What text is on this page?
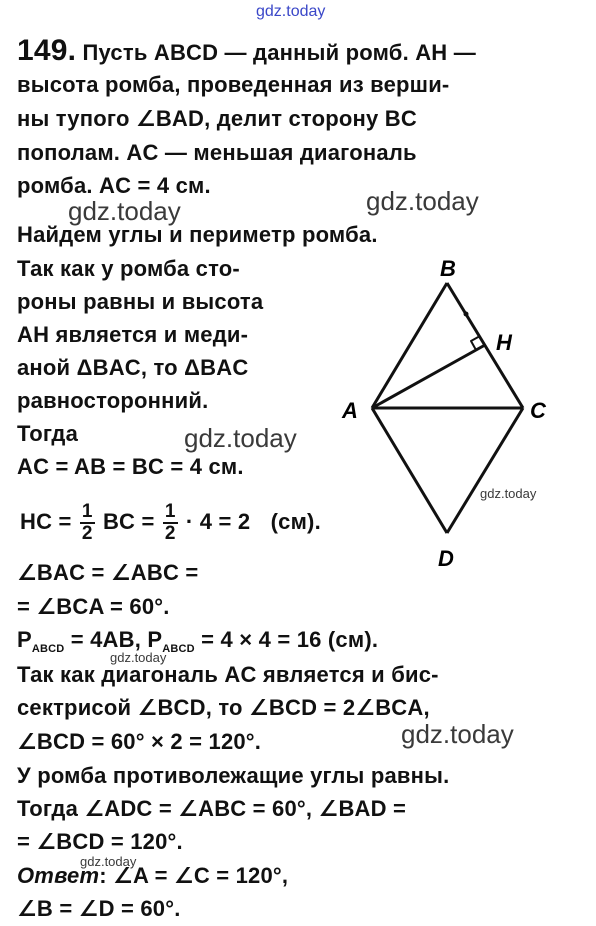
gdz.today
gdz.today	gdz.today
gdz.today
gdz.today
gdz.today
gdz.today
gdz.today
149. Пусть ABCD — данный ромб. AH —
высота ромба, проведенная из верши-
ны тупого ∠BAD, делит сторону BC
пополам. AC — меньшая диагональ
ромба. AC = 4 см.
Найдем углы и периметр ромба.
Так как у ромба сто-
роны равны и высота
AH является и меди-
аной ΔBAC, то ΔBAC
равносторонний.
Тогда
AC = AB = BC = 4 см.
HC = $\frac{1}{2}$ BC = $\frac{1}{2} \cdot 4 = 2$ (см).
∠BAC = ∠ABC =
= ∠BCA = 60°.
$P_{ABCD} = 4AB$, $P_{ABCD} = 4 \times 4 = 16$ (см).
Так как диагональ AC является и бис-
сектрисой ∠BCD, то ∠BCD = 2∠BCA,
∠BCD = 60° × 2 = 120°.
У ромба противолежащие углы равны.
Тогда ∠ADC = ∠ABC = 60°, ∠BAD =
= ∠BCD = 120°.
Ответ: ∠A = ∠C = 120°,
∠B = ∠D = 60°.
B
H
A	C
D
